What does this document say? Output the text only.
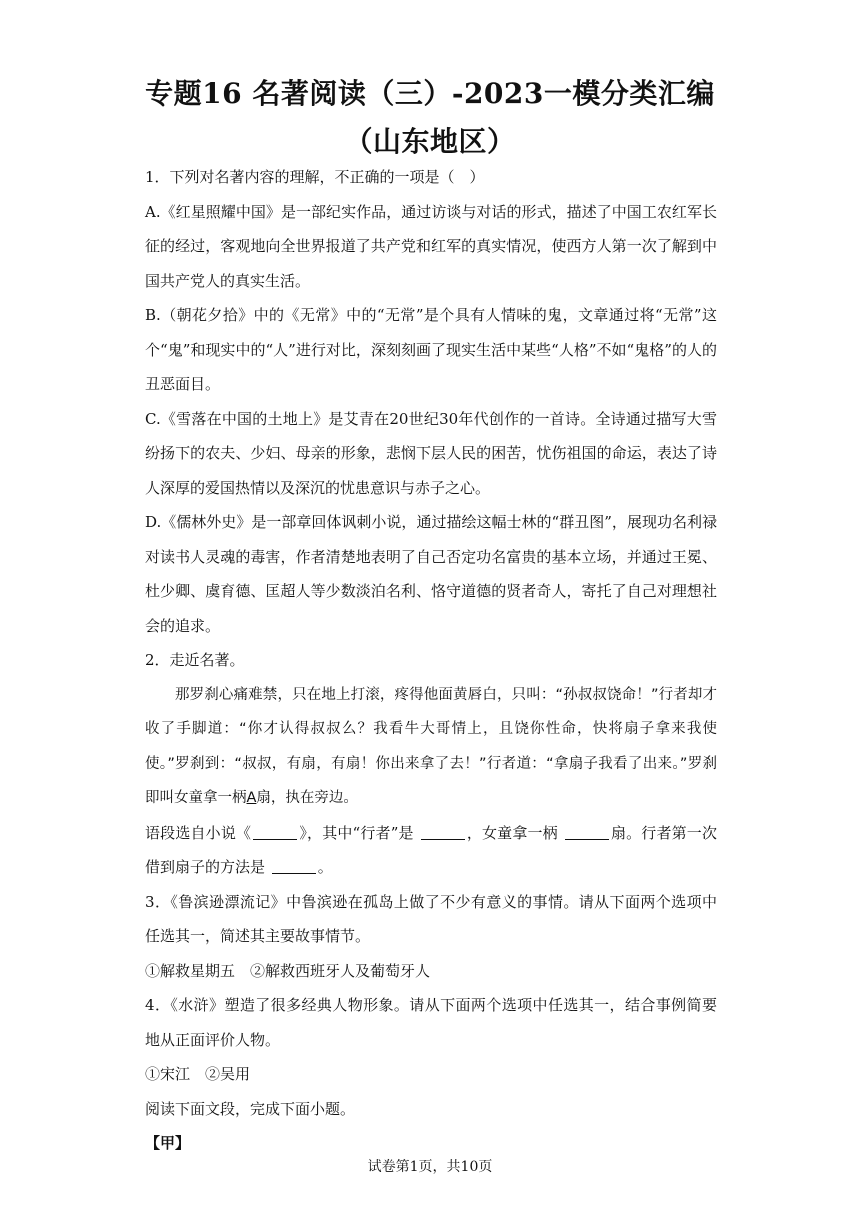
专题16 名著阅读（三）-2023一模分类汇编（山东地区）

1．下列对名著内容的理解，不正确的一项是（　）

A.《红星照耀中国》是一部纪实作品，通过访谈与对话的形式，描述了中国工农红军长征的经过，客观地向全世界报道了共产党和红军的真实情况，使西方人第一次了解到中国共产党人的真实生活。

B.（朝花夕拾》中的《无常》中的“无常”是个具有人情味的鬼，文章通过将“无常”这个“鬼”和现实中的“人”进行对比，深刻刻画了现实生活中某些“人格”不如“鬼格”的人的丑恶面目。

C.《雪落在中国的土地上》是艾青在20世纪30年代创作的一首诗。全诗通过描写大雪纷扬下的农夫、少妇、母亲的形象，悲悯下层人民的困苦，忧伤祖国的命运，表达了诗人深厚的爱国热情以及深沉的忧患意识与赤子之心。

D.《儒林外史》是一部章回体讽刺小说，通过描绘这幅士林的“群丑图”，展现功名利禄对读书人灵魂的毒害，作者清楚地表明了自己否定功名富贵的基本立场，并通过王冕、杜少卿、虞育德、匡超人等少数淡泊名利、恪守道德的贤者奇人，寄托了自己对理想社会的追求。

2．走近名著。

那罗刹心痛难禁，只在地上打滚，疼得他面黄唇白，只叫：“孙叔叔饶命！”行者却才收了手脚道：“你才认得叔叔么？我看牛大哥情上，且饶你性命，快将扇子拿来我使使。”罗刹到：“叔叔，有扇，有扇！你出来拿了去！”行者道：“拿扇子我看了出来。”罗刹即叫女童拿一柄A扇，执在旁边。

语段选自小说《	》，其中“行者”是	，女童拿一柄	扇。行者第一次借到扇子的方法是	。

3．《鲁滨逊漂流记》中鲁滨逊在孤岛上做了不少有意义的事情。请从下面两个选项中任选其一，简述其主要故事情节。

①解救星期五　②解救西班牙人及葡萄牙人

4．《水浒》塑造了很多经典人物形象。请从下面两个选项中任选其一，结合事例简要地从正面评价人物。

①宋江　②吴用

阅读下面文段，完成下面小题。

【甲】

试卷第1页，共10页
